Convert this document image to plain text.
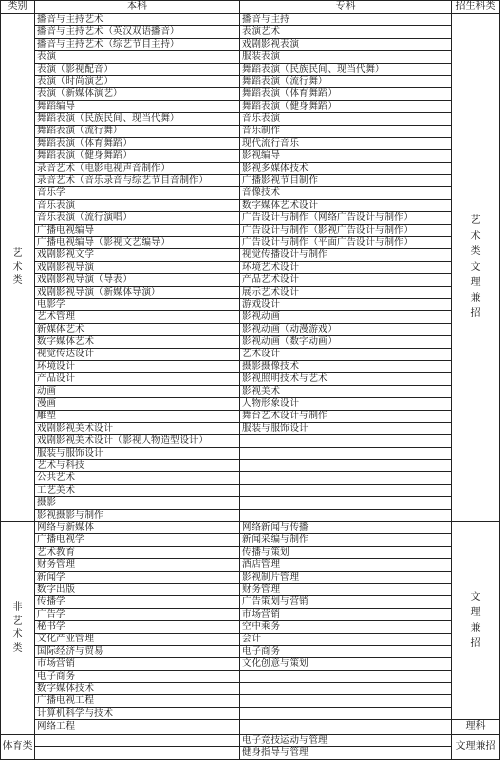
类别	本科	专科	招生科类
艺术类	播音与主持艺术	播音与主持	艺术类文理兼招
	播音与主持艺术（英汉双语播音）	表演艺术	
	播音与主持艺术（综艺节目主持）	戏剧影视表演	
	表演	服装表演	
	表演（影视配音）	舞蹈表演（民族民间、现当代舞）	
	表演（时尚演艺）	舞蹈表演（流行舞）	
	表演（新媒体演艺）	舞蹈表演（体育舞蹈）	
	舞蹈编导	舞蹈表演（健身舞蹈）	
	舞蹈表演（民族民间、现当代舞）	音乐表演	
	舞蹈表演（流行舞）	音乐制作	
	舞蹈表演（体育舞蹈）	现代流行音乐	
	舞蹈表演（健身舞蹈）	影视编导	
	录音艺术（电影电视声音制作）	影视多媒体技术	
	录音艺术（音乐录音与综艺节目音制作）	广播影视节目制作	
	音乐学	音像技术	
	音乐表演	数字媒体艺术设计	
	音乐表演（流行演唱）	广告设计与制作（网络广告设计与制作）	
	广播电视编导	广告设计与制作（影视广告设计与制作）	
	广播电视编导（影视文艺编导）	广告设计与制作（平面广告设计与制作）	
	戏剧影视文学	视觉传播设计与制作	
	戏剧影视导演	环境艺术设计	
	戏剧影视导演（导表）	产品艺术设计	
	戏剧影视导演（新媒体导演）	展示艺术设计	
	电影学	游戏设计	
	艺术管理	影视动画	
	新媒体艺术	影视动画（动漫游戏）	
	数字媒体艺术	影视动画（数字动画）	
	视觉传达设计	艺术设计	
	环境设计	摄影摄像技术	
	产品设计	影视照明技术与艺术	
	动画	影视美术	
	漫画	人物形象设计	
	雕塑	舞台艺术设计与制作	
	戏剧影视美术设计	服装与服饰设计	
	戏剧影视美术设计（影视人物造型设计）		
	服装与服饰设计		
	艺术与科技		
	公共艺术		
	工艺美术		
	摄影		
	影视摄影与制作		
非艺术类	网络与新媒体	网络新闻与传播	文理兼招
	广播电视学	新闻采编与制作	
	艺术教育	传播与策划	
	财务管理	酒店管理	
	新闻学	影视制片管理	
	数字出版	财务管理	
	传播学	广告策划与营销	
	广告学	市场营销	
	秘书学	空中乘务	
	文化产业管理	会计	
	国际经济与贸易	电子商务	
	市场营销	文化创意与策划	
	电子商务		
	数字媒体技术		
	广播电视工程		
	计算机科学与技术		
	网络工程		理科
体育类		电子竞技运动与管理	文理兼招
		健身指导与管理	
